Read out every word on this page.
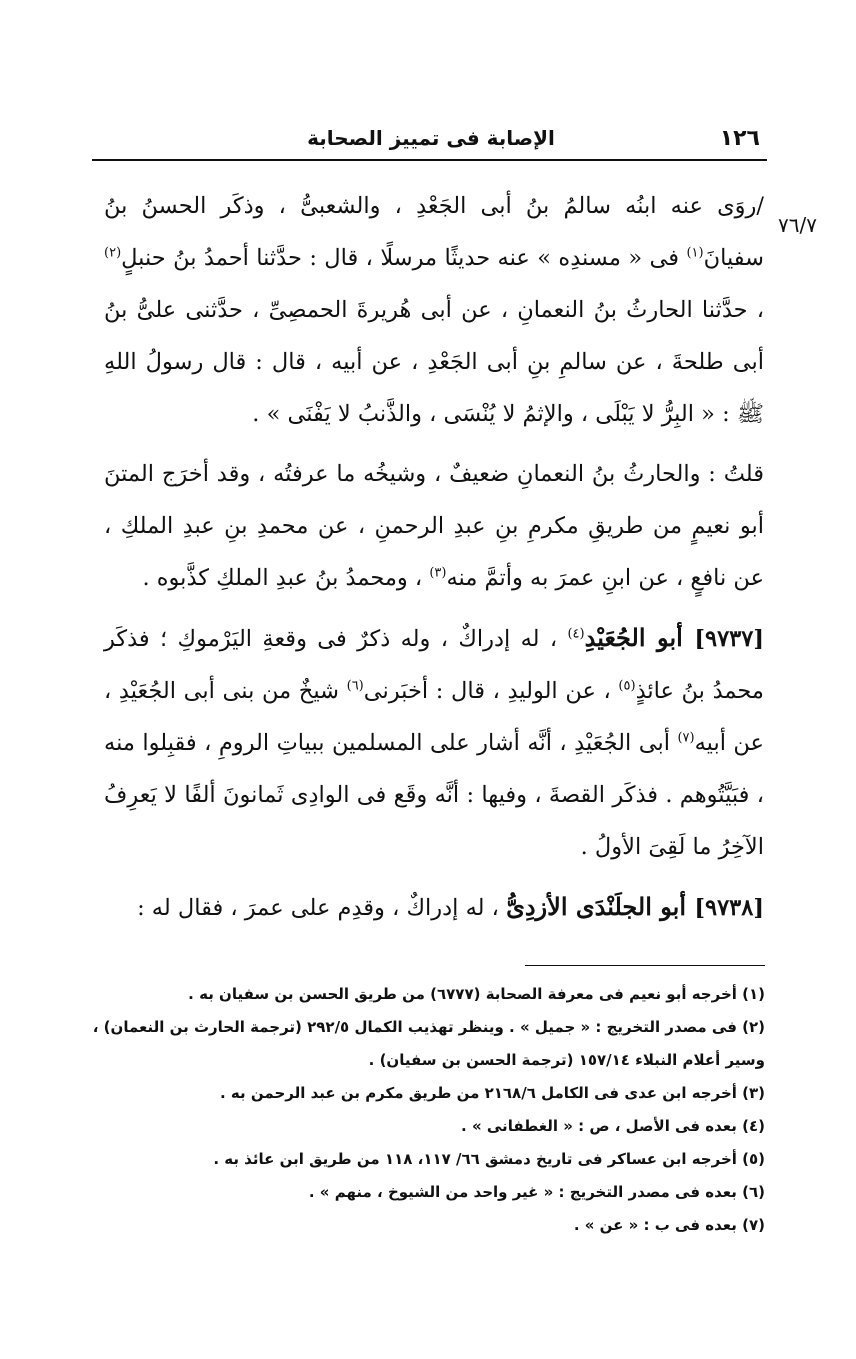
١٢٦
الإصابة فى تمييز الصحابة
٧٦/٧

/روَى عنه ابنُه سالمُ بنُ أبى الجَعْدِ ، والشعبىُّ ، وذكَر الحسنُ بنُ سفيانَ$^{(١)}$ فى « مسندِه » عنه حديثًا مرسلًا ، قال : حدَّثنا أحمدُ بنُ حنبلٍ$^{(٢)}$ ، حدَّثنا الحارثُ بنُ النعمانِ ، عن أبى هُريرةَ الحمصِىِّ ، حدَّثنى علىُّ بنُ أبى طلحةَ ، عن سالمِ بنِ أبى الجَعْدِ ، عن أبيه ، قال : قال رسولُ اللهِ ﷺ : « البِرُّ لا يَبْلَى ، والإثمُ لا يُنْسَى ، والذَّنبُ لا يَفْنَى » .

قلتُ : والحارثُ بنُ النعمانِ ضعيفٌ ، وشيخُه ما عرفتُه ، وقد أخرَج المتنَ أبو نعيمٍ من طريقِ مكرمِ بنِ عبدِ الرحمنِ ، عن محمدِ بنِ عبدِ الملكِ ، عن نافعٍ ، عن ابنِ عمرَ به وأتمَّ منه$^{(٣)}$ ، ومحمدُ بنُ عبدِ الملكِ كذَّبوه .

[٩٧٣٧] أبو الجُعَيْدِ$^{(٤)}$ ، له إدراكٌ ، وله ذكرٌ فى وقعةِ اليَرْموكِ ؛ فذكَر محمدُ بنُ عائذٍ$^{(٥)}$ ، عن الوليدِ ، قال : أخبَرنى$^{(٦)}$ شيخٌ من بنى أبى الجُعَيْدِ ، عن أبيه$^{(٧)}$ أبى الجُعَيْدِ ، أنَّه أشار على المسلمين ببياتِ الرومِ ، فقبِلوا منه ، فبَيَّتُوهم . فذكَر القصةَ ، وفيها : أنَّه وقَع فى الوادِى ثَمانونَ ألفًا لا يَعرِفُ الآخِرُ ما لَقِىَ الأولُ .

[٩٧٣٨] أبو الجلَنْدَى الأزدِىُّ ، له إدراكٌ ، وقدِم على عمرَ ، فقال له :

(١) أخرجه أبو نعيم فى معرفة الصحابة (٦٧٧٧) من طريق الحسن بن سفيان به .
(٢) فى مصدر التخريج : « جميل » . وينظر تهذيب الكمال ٢٩٢/٥ (ترجمة الحارث بن النعمان) ،
وسير أعلام النبلاء ١٥٧/١٤ (ترجمة الحسن بن سفيان) .
(٣) أخرجه ابن عدى فى الكامل ٢١٦٨/٦ من طريق مكرم بن عبد الرحمن به .
(٤) بعده فى الأصل ، ص : « الغطفانى » .
(٥) أخرجه ابن عساكر فى تاريخ دمشق ٦٦/ ١١٧، ١١٨ من طريق ابن عائذ به .
(٦) بعده فى مصدر التخريج : « غير واحد من الشيوخ ، منهم » .
(٧) بعده فى ب : « عن » .
